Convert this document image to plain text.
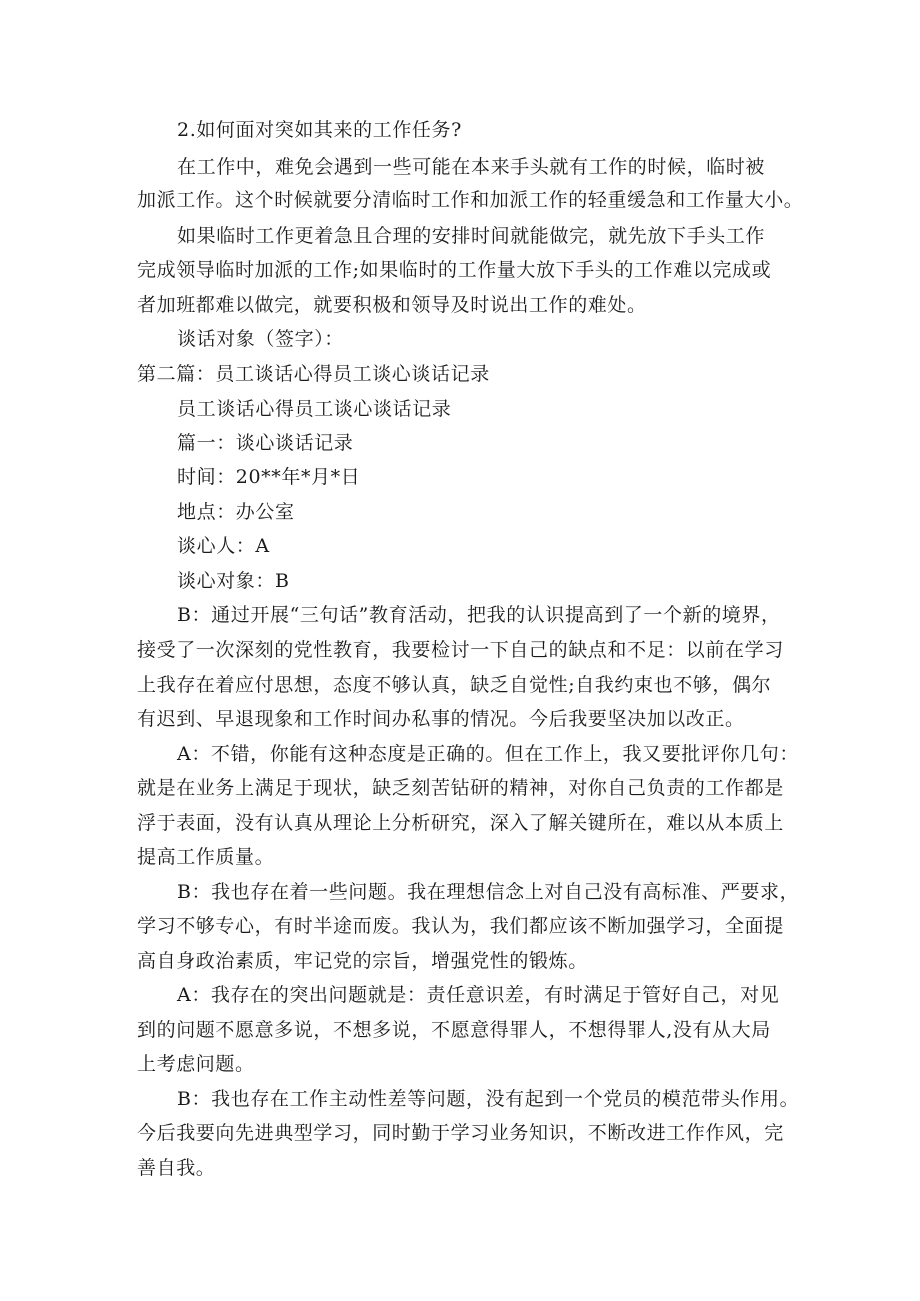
2.如何面对突如其来的工作任务?
在工作中，难免会遇到一些可能在本来手头就有工作的时候，临时被
加派工作。这个时候就要分清临时工作和加派工作的轻重缓急和工作量大小。
如果临时工作更着急且合理的安排时间就能做完，就先放下手头工作
完成领导临时加派的工作;如果临时的工作量大放下手头的工作难以完成或
者加班都难以做完，就要积极和领导及时说出工作的难处。
谈话对象（签字）：
第二篇：员工谈话心得员工谈心谈话记录
员工谈话心得员工谈心谈话记录
篇一：谈心谈话记录
时间：20**年*月*日
地点：办公室
谈心人：A
谈心对象：B
B：通过开展“三句话”教育活动，把我的认识提高到了一个新的境界，
接受了一次深刻的党性教育，我要检讨一下自己的缺点和不足：以前在学习
上我存在着应付思想，态度不够认真，缺乏自觉性;自我约束也不够，偶尔
有迟到、早退现象和工作时间办私事的情况。今后我要坚决加以改正。
A：不错，你能有这种态度是正确的。但在工作上，我又要批评你几句：
就是在业务上满足于现状，缺乏刻苦钻研的精神，对你自己负责的工作都是
浮于表面，没有认真从理论上分析研究，深入了解关键所在，难以从本质上
提高工作质量。
B：我也存在着一些问题。我在理想信念上对自己没有高标准、严要求，
学习不够专心，有时半途而废。我认为，我们都应该不断加强学习，全面提
高自身政治素质，牢记党的宗旨，增强党性的锻炼。
A：我存在的突出问题就是：责任意识差，有时满足于管好自己，对见
到的问题不愿意多说，不想多说，不愿意得罪人，不想得罪人,没有从大局
上考虑问题。
B：我也存在工作主动性差等问题，没有起到一个党员的模范带头作用。
今后我要向先进典型学习，同时勤于学习业务知识，不断改进工作作风，完
善自我。
